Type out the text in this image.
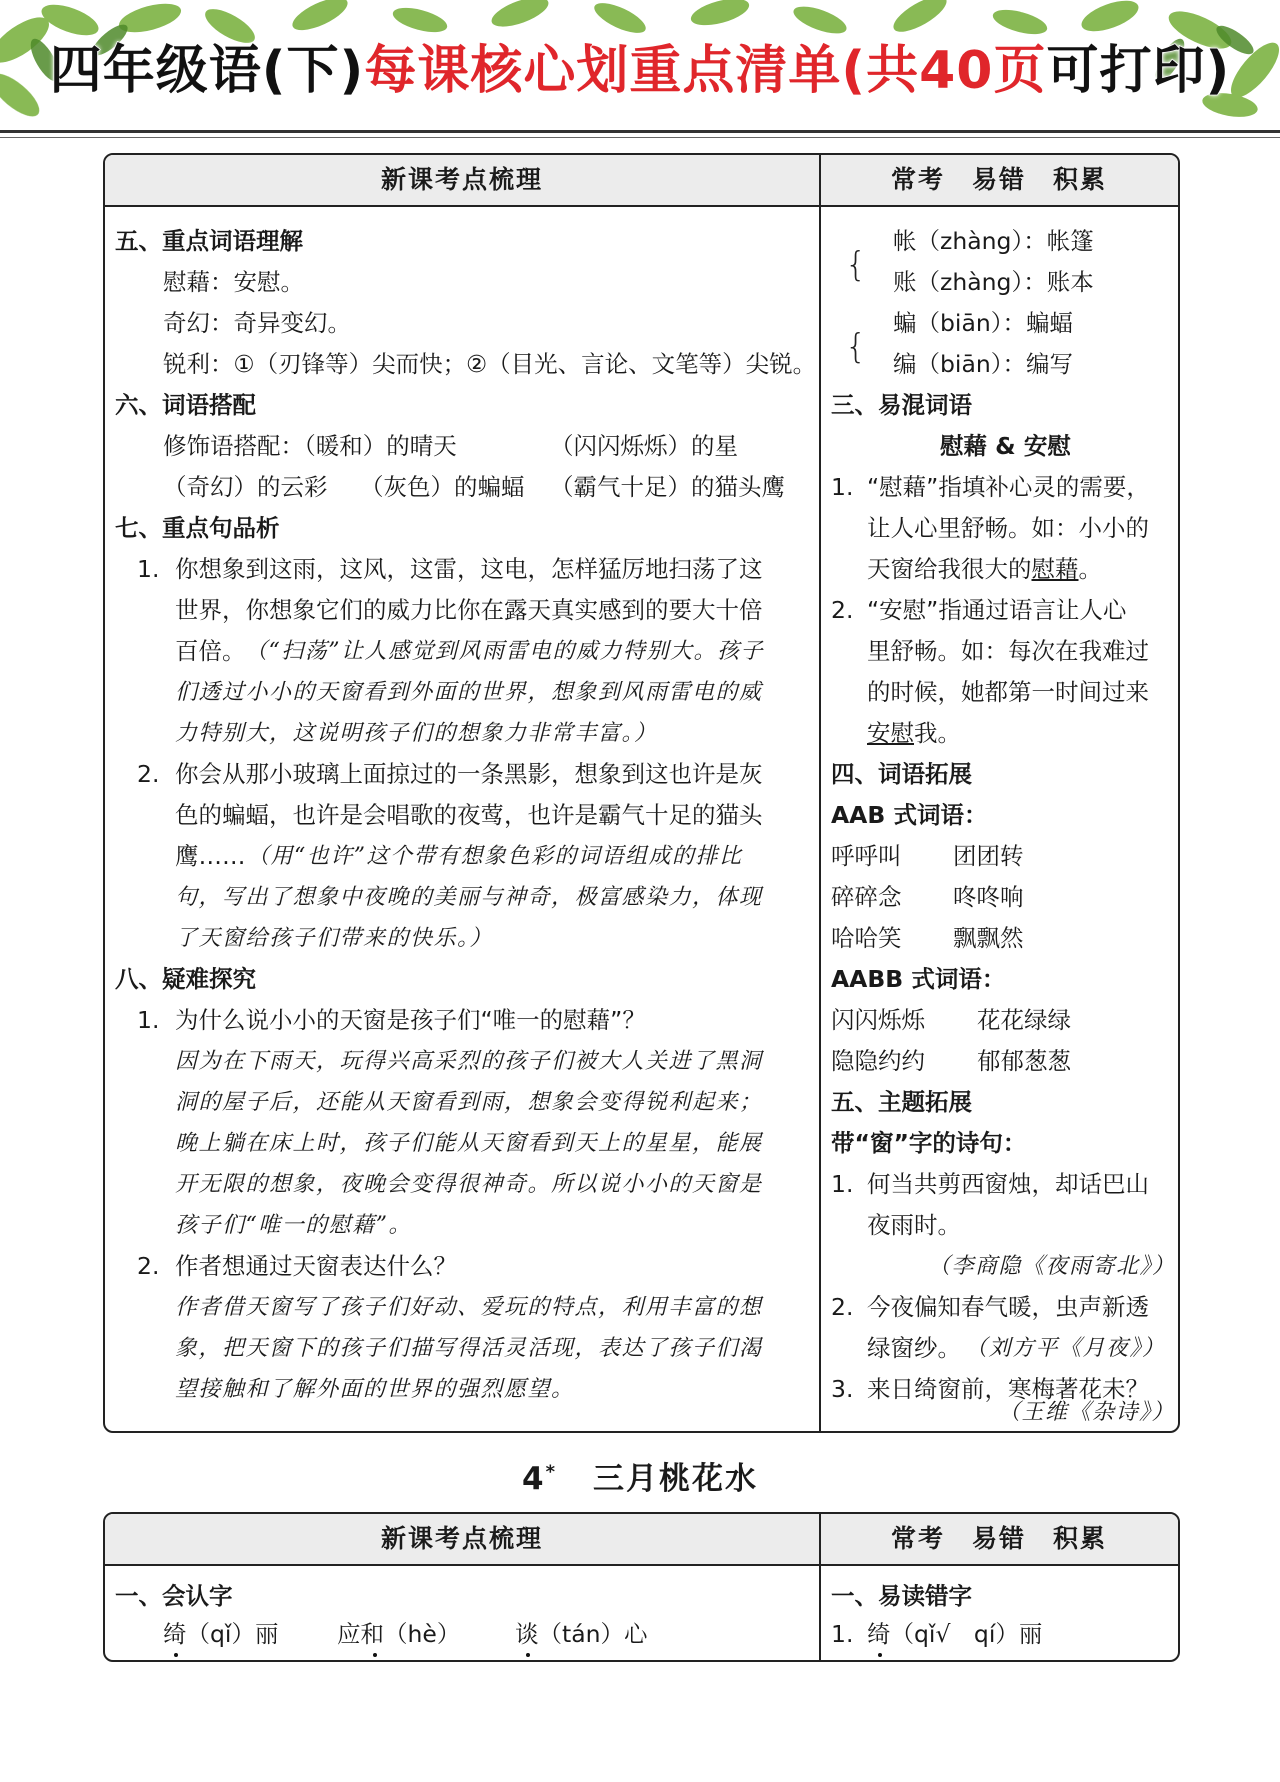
四年级语(下)每课核心划重点清单(共40页可打印)
新课考点梳理	常考　易错　积累
五、重点词语理解
慰藉：安慰。
奇幻：奇异变幻。
锐利：①（刃锋等）尖而快；②（目光、言论、文笔等）尖锐。
六、词语搭配
修饰语搭配：（暖和）的晴天	（闪闪烁烁）的星
（奇幻）的云彩 （灰色）的蝙蝠 （霸气十足）的猫头鹰
七、重点句品析
1. 你想象到这雨，这风，这雷，这电，怎样猛厉地扫荡了这
世界，你想象它们的威力比你在露天真实感到的要大十倍
百倍。 （“扫荡”让人感觉到风雨雷电的威力特别大。孩子
们透过小小的天窗看到外面的世界，想象到风雨雷电的威
力特别大，这说明孩子们的想象力非常丰富。）
2. 你会从那小玻璃上面掠过的一条黑影，想象到这也许是灰
色的蝙蝠，也许是会唱歌的夜莺，也许是霸气十足的猫头
鹰…… （用“也许”这个带有想象色彩的词语组成的排比
句，写出了想象中夜晚的美丽与神奇，极富感染力，体现
了天窗给孩子们带来的快乐。）
八、疑难探究
1. 为什么说小小的天窗是孩子们“唯一的慰藉”？
因为在下雨天，玩得兴高采烈的孩子们被大人关进了黑洞
洞的屋子后，还能从天窗看到雨，想象会变得锐利起来；
晚上躺在床上时，孩子们能从天窗看到天上的星星，能展
开无限的想象，夜晚会变得很神奇。所以说小小的天窗是
孩子们“唯一的慰藉”。
2. 作者想通过天窗表达什么？
作者借天窗写了孩子们好动、爱玩的特点，利用丰富的想
象，把天窗下的孩子们描写得活灵活现，表达了孩子们渴
望接触和了解外面的世界的强烈愿望。
{
帐（zhàng）：帐篷
账（zhàng）：账本
{
蝙（biān）：蝙蝠
编（biān）：编写
三、易混词语
慰藉 & 安慰
1. “慰藉”指填补心灵的需要，
让人心里舒畅。如：小小的
天窗给我很大的慰藉。
2. “安慰”指通过语言让人心
里舒畅。如：每次在我难过
的时候，她都第一时间过来
安慰我。
四、词语拓展
AAB 式词语：
呼呼叫 团团转
碎碎念 咚咚响
哈哈笑 飘飘然
AABB 式词语：
闪闪烁烁 花花绿绿
隐隐约约 郁郁葱葱
五、主题拓展
带“窗”字的诗句：
1. 何当共剪西窗烛，却话巴山
夜雨时。
（李商隐《夜雨寄北》）
2. 今夜偏知春气暖，虫声新透
绿窗纱。 （刘方平《月夜》）
3. 来日绮窗前，寒梅著花未？
（王维《杂诗》）
4* 三月桃花水
新课考点梳理	常考　易错　积累
一、会认字
绮（qǐ）丽 应和（hè） 谈（tán）心
一、易读错字
1. 绮（qǐ√　qí）丽
